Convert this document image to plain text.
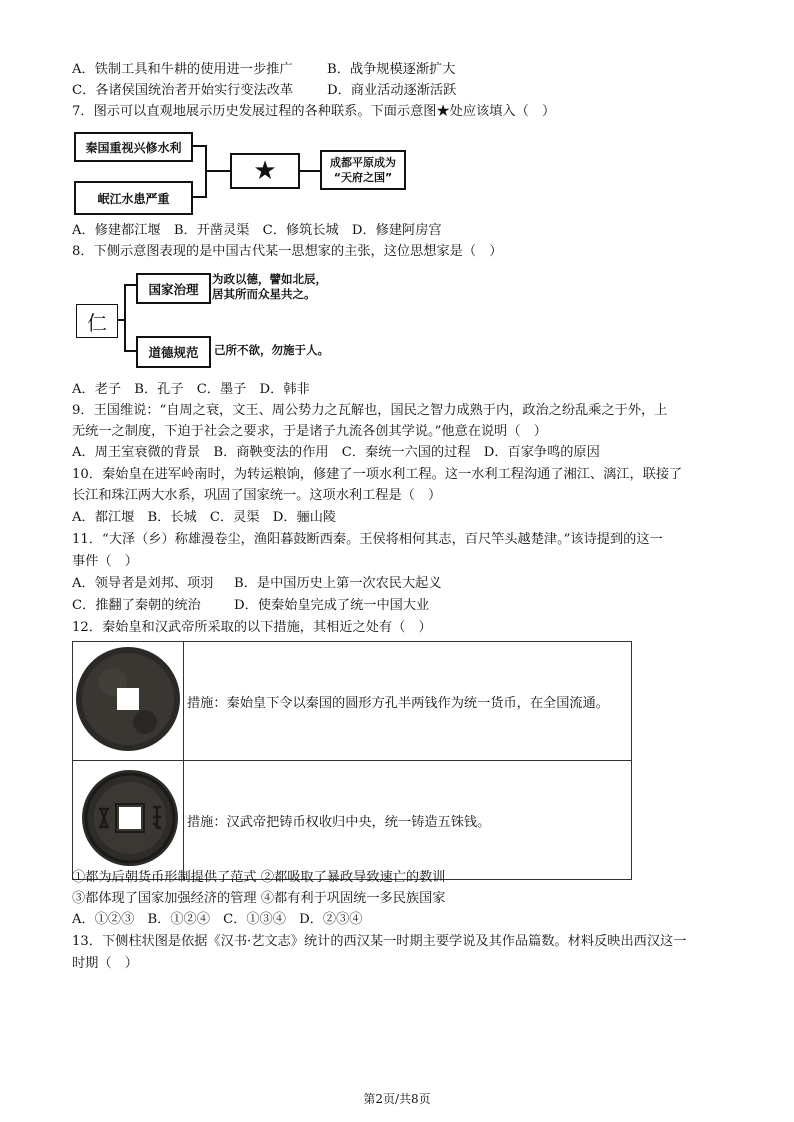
A．铁制工具和牛耕的使用进一步推广	B．战争规模逐渐扩大
C．各诸侯国统治者开始实行变法改革	D．商业活动逐渐活跃
7．图示可以直观地展示历史发展过程的各种联系。下面示意图★处应该填入（　）
秦国重视兴修水利
岷江水患严重
★	成都平原成为
“天府之国”
A．修建都江堰　B．开凿灵渠　C．修筑长城　D．修建阿房宫
8．下侧示意图表现的是中国古代某一思想家的主张，这位思想家是（　）
仁
国家治理
为政以德，譬如北辰，
居其所而众星共之。
道德规范	己所不欲，勿施于人。
A．老子　B．孔子　C．墨子　D．韩非
9．王国维说：“自周之衰，文王、周公势力之瓦解也，国民之智力成熟于内，政治之纷乱乘之于外，上
无统一之制度，下迫于社会之要求，于是诸子九流各创其学说。”他意在说明（　）
A．周王室衰微的背景　B．商鞅变法的作用　C．秦统一六国的过程　D．百家争鸣的原因
10．秦始皇在进军岭南时，为转运粮饷，修建了一项水利工程。这一水利工程沟通了湘江、漓江，联接了
长江和珠江两大水系，巩固了国家统一。这项水利工程是（　）
A．都江堰　B．长城　C．灵渠　D．骊山陵
11．“大泽（乡）称雄漫卷尘，渔阳暮鼓断西秦。王侯将相何其志，百尺竿头越楚津。”该诗提到的这一
事件（　）
A．领导者是刘邦、项羽 B．是中国历史上第一次农民大起义
C．推翻了秦朝的统治	D．使秦始皇完成了统一中国大业
12．秦始皇和汉武帝所采取的以下措施，其相近之处有（　）
	措施：秦始皇下令以秦国的圆形方孔半两钱作为统一货币，在全国流通。
	措施：汉武帝把铸币权收归中央，统一铸造五铢钱。
①都为后朝货币形制提供了范式 ②都吸取了暴政导致速亡的教训
③都体现了国家加强经济的管理 ④都有利于巩固统一多民族国家
A．①②③　B．①②④　C．①③④　D．②③④
13．下侧柱状图是依据《汉书·艺文志》统计的西汉某一时期主要学说及其作品篇数。材料反映出西汉这一
时期（　）
第2页/共8页
